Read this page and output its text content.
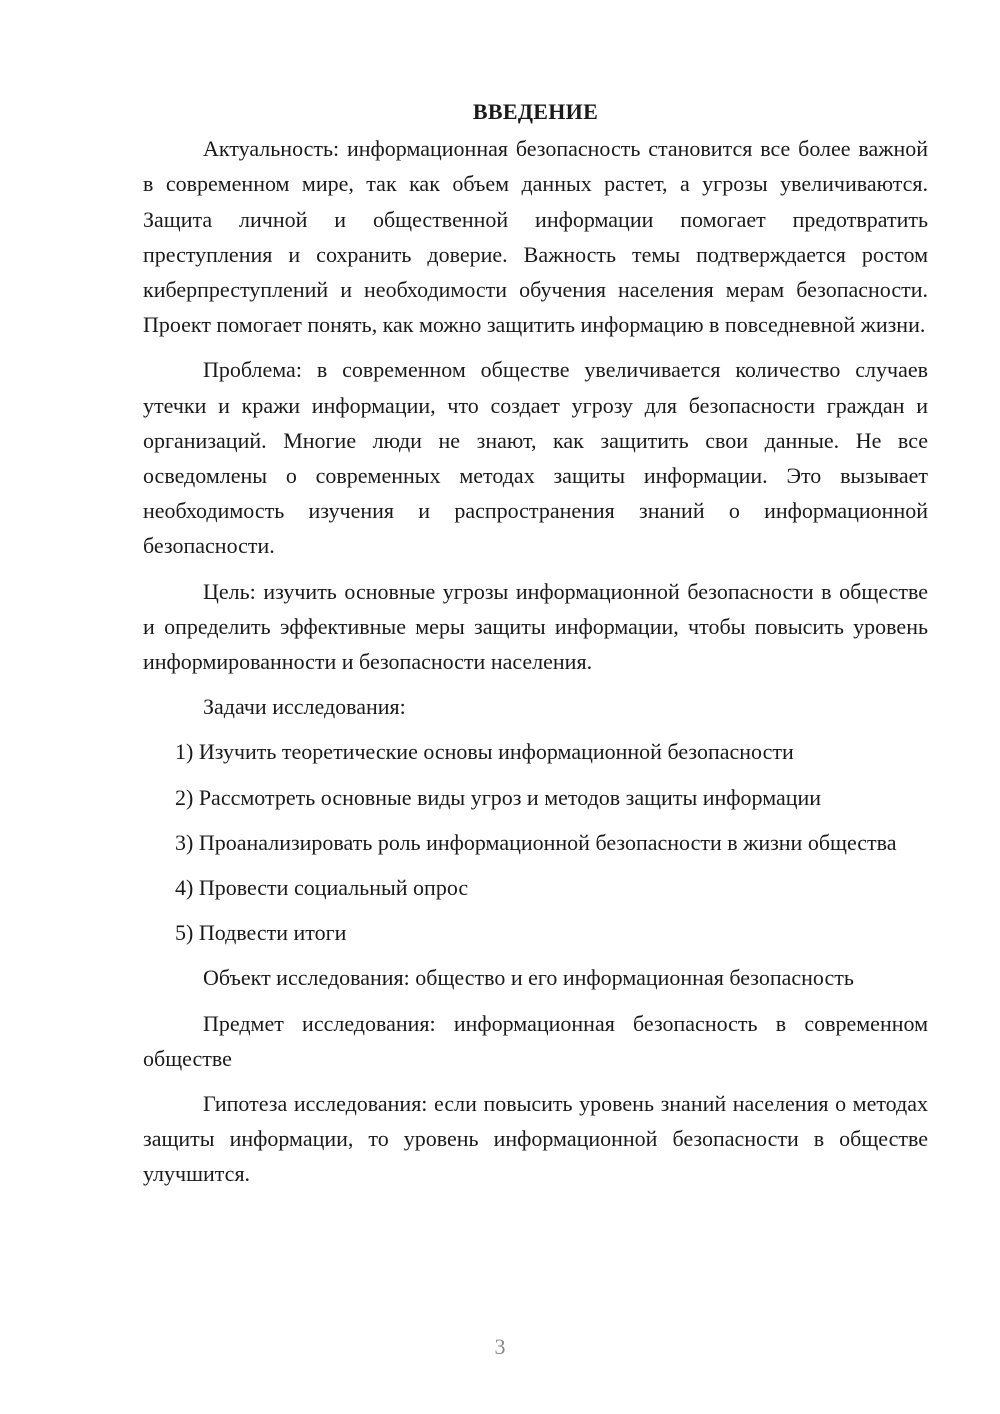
ВВЕДЕНИЕ

Актуальность: информационная безопасность становится все более важной в современном мире, так как объем данных растет, а угрозы увеличиваются. Защита личной и общественной информации помогает предотвратить преступления и сохранить доверие. Важность темы подтверждается ростом киберпреступлений и необходимости обучения населения мерам безопасности. Проект помогает понять, как можно защитить информацию в повседневной жизни.

Проблема: в современном обществе увеличивается количество случаев утечки и кражи информации, что создает угрозу для безопасности граждан и организаций. Многие люди не знают, как защитить свои данные. Не все осведомлены о современных методах защиты информации. Это вызывает необходимость изучения и распространения знаний о информационной безопасности.

Цель: изучить основные угрозы информационной безопасности в обществе и определить эффективные меры защиты информации, чтобы повысить уровень информированности и безопасности населения.

Задачи исследования:

1) Изучить теоретические основы информационной безопасности

2) Рассмотреть основные виды угроз и методов защиты информации

3) Проанализировать роль информационной безопасности в жизни общества

4) Провести социальный опрос

5) Подвести итоги

Объект исследования: общество и его информационная безопасность

Предмет исследования: информационная безопасность в современном обществе

Гипотеза исследования: если повысить уровень знаний населения о методах защиты информации, то уровень информационной безопасности в обществе улучшится.

3
